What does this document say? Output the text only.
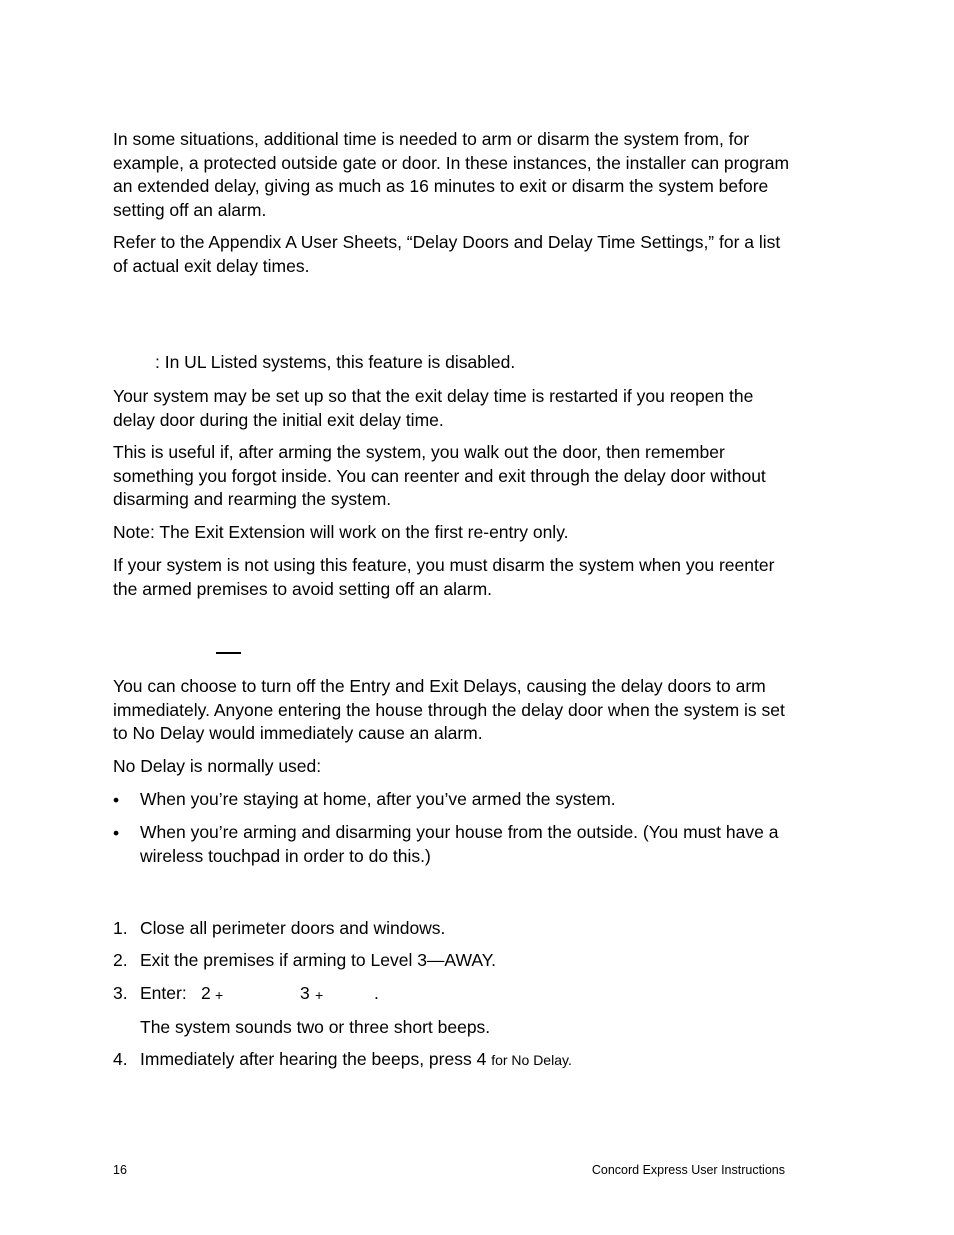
In some situations, additional time is needed to arm or disarm the system from, for example, a protected outside gate or door. In these instances, the installer can program an extended delay, giving as much as 16 minutes to exit or disarm the system before setting off an alarm.

Refer to the Appendix A User Sheets, “Delay Doors and Delay Time Settings,” for a list of actual exit delay times.

: In UL Listed systems, this feature is disabled.

Your system may be set up so that the exit delay time is restarted if you reopen the delay door during the initial exit delay time.

This is useful if, after arming the system, you walk out the door, then remember something you forgot inside. You can reenter and exit through the delay door without disarming and rearming the system.

Note: The Exit Extension will work on the first re-entry only.

If your system is not using this feature, you must disarm the system when you reenter the armed premises to avoid setting off an alarm.

You can choose to turn off the Entry and Exit Delays, causing the delay doors to arm immediately. Anyone entering the house through the delay door when the system is set to No Delay would immediately cause an alarm.

No Delay is normally used:

• When you’re staying at home, after you’ve armed the system.

• When you’re arming and disarming your house from the outside. (You must have a wireless touchpad in order to do this.)

1. Close all perimeter doors and windows.

2. Exit the premises if arming to Level 3—AWAY.

3. Enter: 2 +	3 +	.

The system sounds two or three short beeps.

4. Immediately after hearing the beeps, press 4 for No Delay.

16	Concord Express User Instructions
